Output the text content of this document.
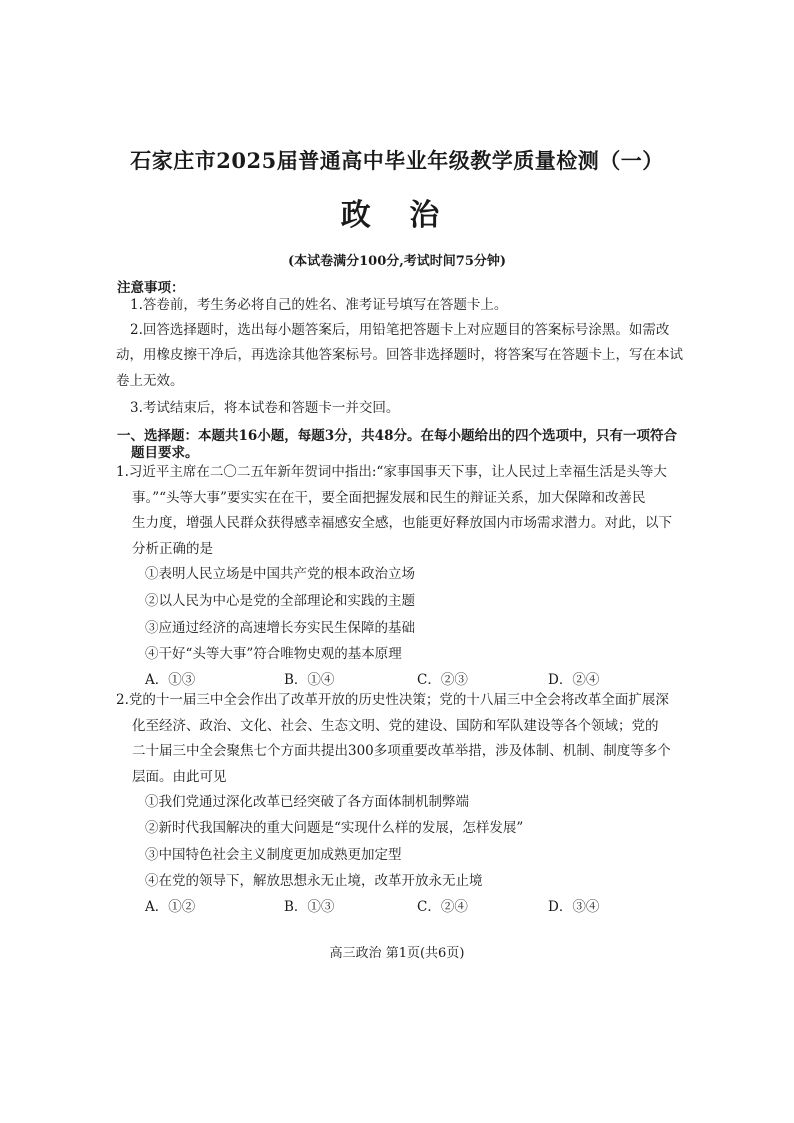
石家庄市2025届普通高中毕业年级教学质量检测（一）
政 治
(本试卷满分100分,考试时间75分钟)
注意事项：
1.答卷前，考生务必将自己的姓名、准考证号填写在答题卡上。
2.回答选择题时，选出每小题答案后，用铅笔把答题卡上对应题目的答案标号涂黑。如需改
动，用橡皮擦干净后，再选涂其他答案标号。回答非选择题时，将答案写在答题卡上，写在本试
卷上无效。
3.考试结束后，将本试卷和答题卡一并交回。
一、选择题：本题共16小题，每题3分，共48分。在每小题给出的四个选项中，只有一项符合
题目要求。
1.习近平主席在二〇二五年新年贺词中指出:“家事国事天下事，让人民过上幸福生活是头等大
事。”“头等大事”要实实在在干，要全面把握发展和民生的辩证关系，加大保障和改善民
生力度，增强人民群众获得感幸福感安全感，也能更好释放国内市场需求潜力。对此，以下
分析正确的是
①表明人民立场是中国共产党的根本政治立场
②以人民为中心是党的全部理论和实践的主题
③应通过经济的高速增长夯实民生保障的基础
④干好“头等大事”符合唯物史观的基本原理
A．①③	B．①④	C．②③	D．②④
2.党的十一届三中全会作出了改革开放的历史性决策；党的十八届三中全会将改革全面扩展深
化至经济、政治、文化、社会、生态文明、党的建设、国防和军队建设等各个领域；党的
二十届三中全会聚焦七个方面共提出300多项重要改革举措，涉及体制、机制、制度等多个
层面。由此可见
①我们党通过深化改革已经突破了各方面体制机制弊端
②新时代我国解决的重大问题是“实现什么样的发展，怎样发展”
③中国特色社会主义制度更加成熟更加定型
④在党的领导下，解放思想永无止境，改革开放永无止境
A．①②	B．①③	C．②④	D．③④
高三政治 第1页(共6页)
